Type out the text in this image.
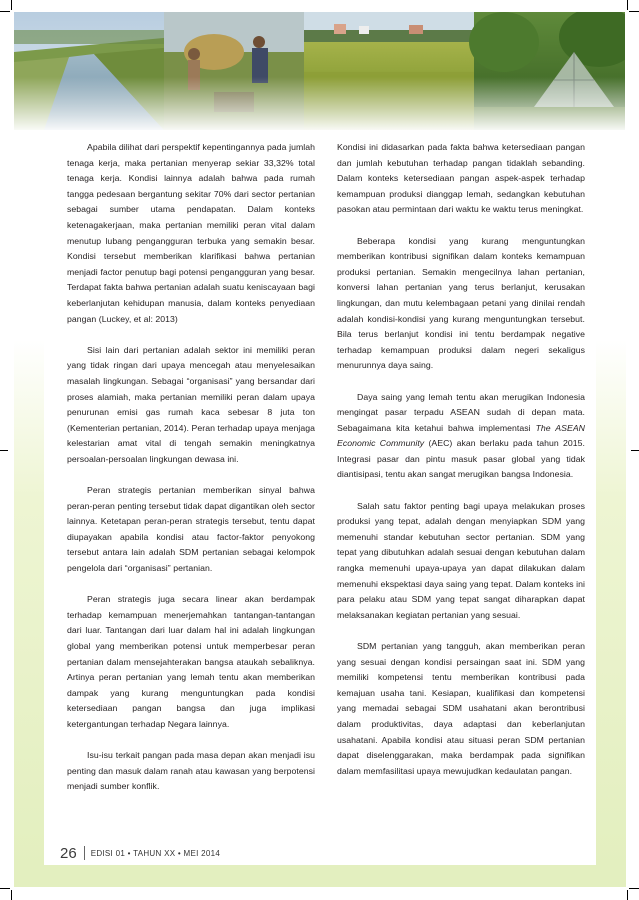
Apabila dilihat dari perspektif kepentingannya pada jumlah tenaga kerja, maka pertanian menyerap sekiar 33,32% total tenaga kerja. Kondisi lainnya adalah bahwa pada rumah tangga pedesaan bergantung sekitar 70% dari sector pertanian sebagai sumber utama pendapatan. Dalam konteks ketenagakerjaan, maka pertanian memiliki peran vital dalam menutup lubang pengangguran terbuka yang semakin besar. Kondisi tersebut memberikan klarifikasi bahwa pertanian menjadi factor penutup bagi potensi pengangguran yang besar. Terdapat fakta bahwa pertanian adalah suatu keniscayaan bagi keberlanjutan kehidupan manusia, dalam konteks penyediaan pangan (Luckey, et al: 2013)

Sisi lain dari pertanian adalah sektor ini memiliki peran yang tidak ringan dari upaya mencegah atau menyelesaikan masalah lingkungan. Sebagai “organisasi” yang bersandar dari proses alamiah, maka pertanian memiliki peran dalam upaya penurunan emisi gas rumah kaca sebesar 8 juta ton (Kementerian pertanian, 2014). Peran terhadap upaya menjaga kelestarian amat vital di tengah semakin meningkatnya persoalan-persoalan lingkungan dewasa ini.

Peran strategis pertanian memberikan sinyal bahwa peran-peran penting tersebut tidak dapat digantikan oleh sector lainnya. Ketetapan peran-peran strategis tersebut, tentu dapat diupayakan apabila kondisi atau factor-faktor penyokong tersebut antara lain adalah SDM pertanian sebagai kelompok pengelola dari “organisasi” pertanian.

Peran strategis juga secara linear akan berdampak terhadap kemampuan menerjemahkan tantangan-tantangan dari luar. Tantangan dari luar dalam hal ini adalah lingkungan global yang memberikan potensi untuk memperbesar peran pertanian dalam mensejahterakan bangsa ataukah sebaliknya. Artinya peran pertanian yang lemah tentu akan memberikan dampak yang kurang menguntungkan pada kondisi ketersediaan pangan bangsa dan juga implikasi ketergantungan terhadap Negara lainnya.

Isu-isu terkait pangan pada masa depan akan menjadi isu penting dan masuk dalam ranah atau kawasan yang berpotensi menjadi sumber konflik.

Kondisi ini didasarkan pada fakta bahwa ketersediaan pangan dan jumlah kebutuhan terhadap pangan tidaklah sebanding. Dalam konteks ketersediaan pangan aspek-aspek terhadap kemampuan produksi dianggap lemah, sedangkan kebutuhan pasokan atau permintaan dari waktu ke waktu terus meningkat.

Beberapa kondisi yang kurang menguntungkan memberikan kontribusi signifikan dalam konteks kemampuan produksi pertanian. Semakin mengecilnya lahan pertanian, konversi lahan pertanian yang terus berlanjut, kerusakan lingkungan, dan mutu kelembagaan petani yang dinilai rendah adalah kondisi-kondisi yang kurang menguntungkan tersebut. Bila terus berlanjut kondisi ini tentu berdampak negative terhadap kemampuan produksi dalam negeri sekaligus menurunnya daya saing.

Daya saing yang lemah tentu akan merugikan Indonesia mengingat pasar terpadu ASEAN sudah di depan mata. Sebagaimana kita ketahui bahwa implementasi The ASEAN Economic Community (AEC) akan berlaku pada tahun 2015. Integrasi pasar dan pintu masuk pasar global yang tidak diantisipasi, tentu akan sangat merugikan bangsa Indonesia.

Salah satu faktor penting bagi upaya melakukan proses produksi yang tepat, adalah dengan menyiapkan SDM yang memenuhi standar kebutuhan sector pertanian. SDM yang tepat yang dibutuhkan adalah sesuai dengan kebutuhan dalam rangka memenuhi upaya-upaya yan dapat dilakukan dalam memenuhi ekspektasi daya saing yang tepat. Dalam konteks ini para pelaku atau SDM yang tepat sangat diharapkan dapat melaksanakan kegiatan pertanian yang sesuai.

SDM pertanian yang tangguh, akan memberikan peran yang sesuai dengan kondisi persaingan saat ini. SDM yang memiliki kompetensi tentu memberikan kontribusi pada kemajuan usaha tani. Kesiapan, kualifikasi dan kompetensi yang memadai sebagai SDM usahatani akan berontribusi dalam produktivitas, daya adaptasi dan keberlanjutan usahatani. Apabila kondisi atau situasi peran SDM pertanian dapat diselenggarakan, maka berdampak pada signifikan dalam memfasilitasi upaya mewujudkan kedaulatan pangan.

26 EDISI 01 • TAHUN XX • MEI 2014
